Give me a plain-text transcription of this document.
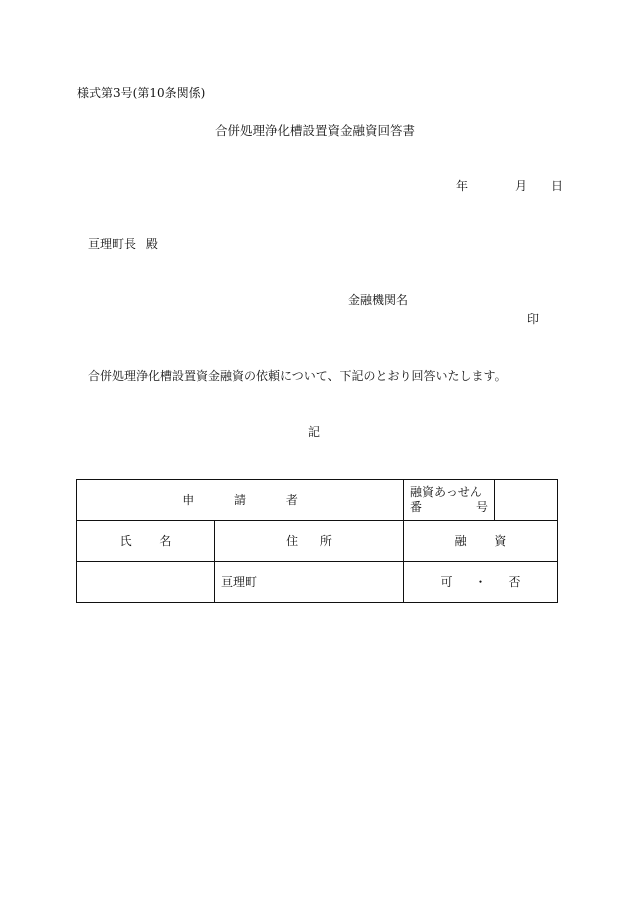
様式第3号(第10条関係)
合併処理浄化槽設置資金融資回答書
年	月 日
亘理町長 殿
金融機関名
印
合併処理浄化槽設置資金融資の依頼について、下記のとおり回答いたします。
記
申 請 者		融資あっせん
番 号	

氏 名	住 所	融 資	
	亘理町	可 ・ 否	
